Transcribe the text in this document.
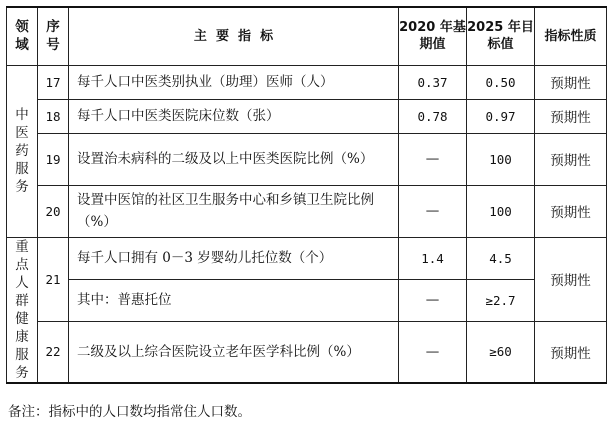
领域	序号	主  要  指  标	2020 年基期值	2025 年目标值	指标性质
中医药服务	17	每千人口中医类别执业（助理）医师（人）	0.37	0.50	预期性
	18	每千人口中医类医院床位数（张）	0.78	0.97	预期性
	19	设置治未病科的二级及以上中医类医院比例（%）	—	100	预期性
	20	设置中医馆的社区卫生服务中心和乡镇卫生院比例（%）	—	100	预期性
重点人群健康服务	21	每千人口拥有 0－3 岁婴幼儿托位数（个）	1.4	4.5	预期性
		其中：普惠托位	—	≥2.7	
	22	二级及以上综合医院设立老年医学科比例（%）	—	≥60	预期性
备注：指标中的人口数均指常住人口数。
